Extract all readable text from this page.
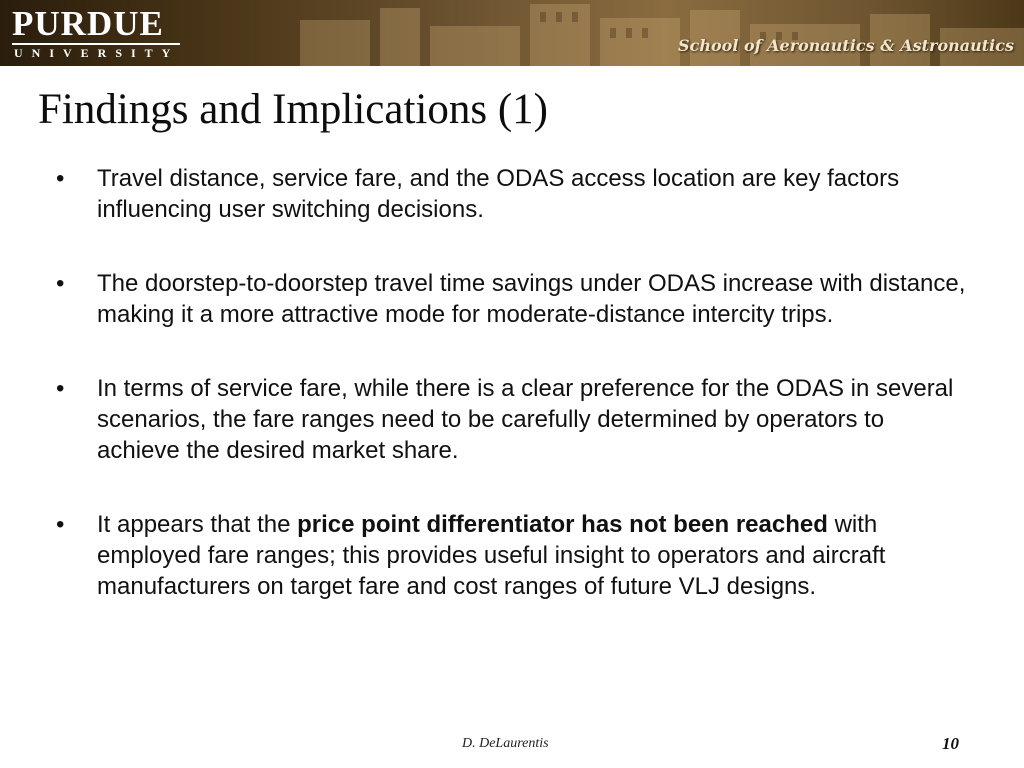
PURDUE
UNIVERSITY	School of Aeronautics & Astronautics
Findings and Implications (1)
• Travel distance, service fare, and the ODAS access location are key factors influencing user switching decisions.
• The doorstep-to-doorstep travel time savings under ODAS increase with distance, making it a more attractive mode for moderate-distance intercity trips.
• In terms of service fare, while there is a clear preference for the ODAS in several scenarios, the fare ranges need to be carefully determined by operators to achieve the desired market share.
• It appears that the price point differentiator has not been reached with employed fare ranges; this provides useful insight to operators and aircraft manufacturers on target fare and cost ranges of future VLJ designs.
D. DeLaurentis	10
